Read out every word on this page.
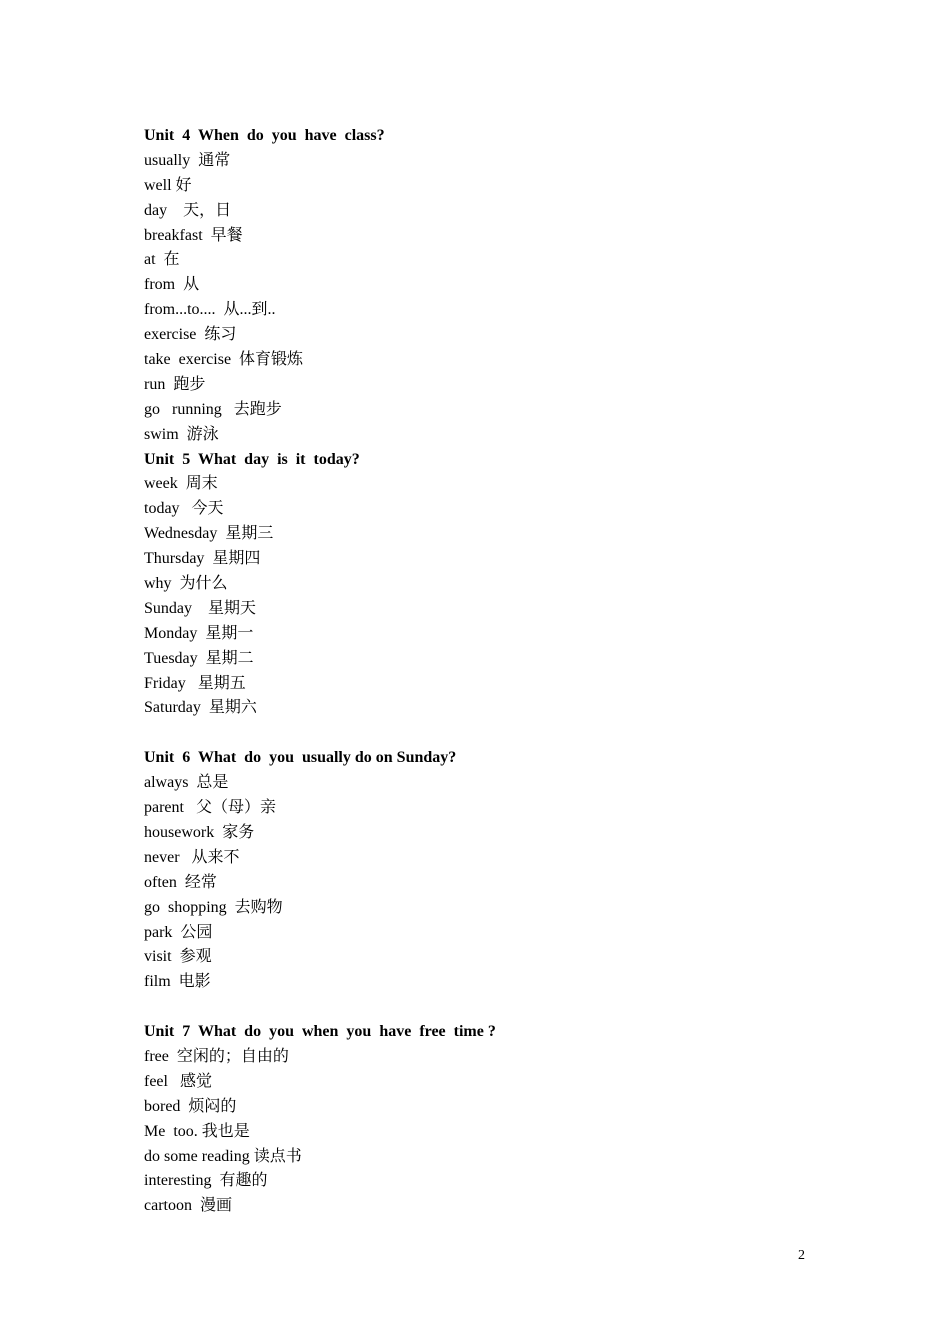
Unit  4  When  do  you  have  class?
usually  通常
well 好
day    天，日
breakfast  早餐
at  在
from  从
from...to....  从...到..
exercise  练习
take  exercise  体育锻炼
run  跑步
go   running   去跑步
swim  游泳
Unit  5  What  day  is  it  today?
week  周末
today   今天
Wednesday  星期三
Thursday  星期四
why  为什么
Sunday    星期天
Monday  星期一
Tuesday  星期二
Friday   星期五
Saturday  星期六
Unit  6  What  do  you  usually do on Sunday?
always  总是
parent   父（母）亲
housework  家务
never   从来不
often  经常
go  shopping  去购物
park  公园
visit  参观
film  电影
Unit  7  What  do  you  when  you  have  free  time ?
free  空闲的；自由的
feel   感觉
bored  烦闷的
Me  too. 我也是
do some reading 读点书
interesting  有趣的
cartoon  漫画
2
